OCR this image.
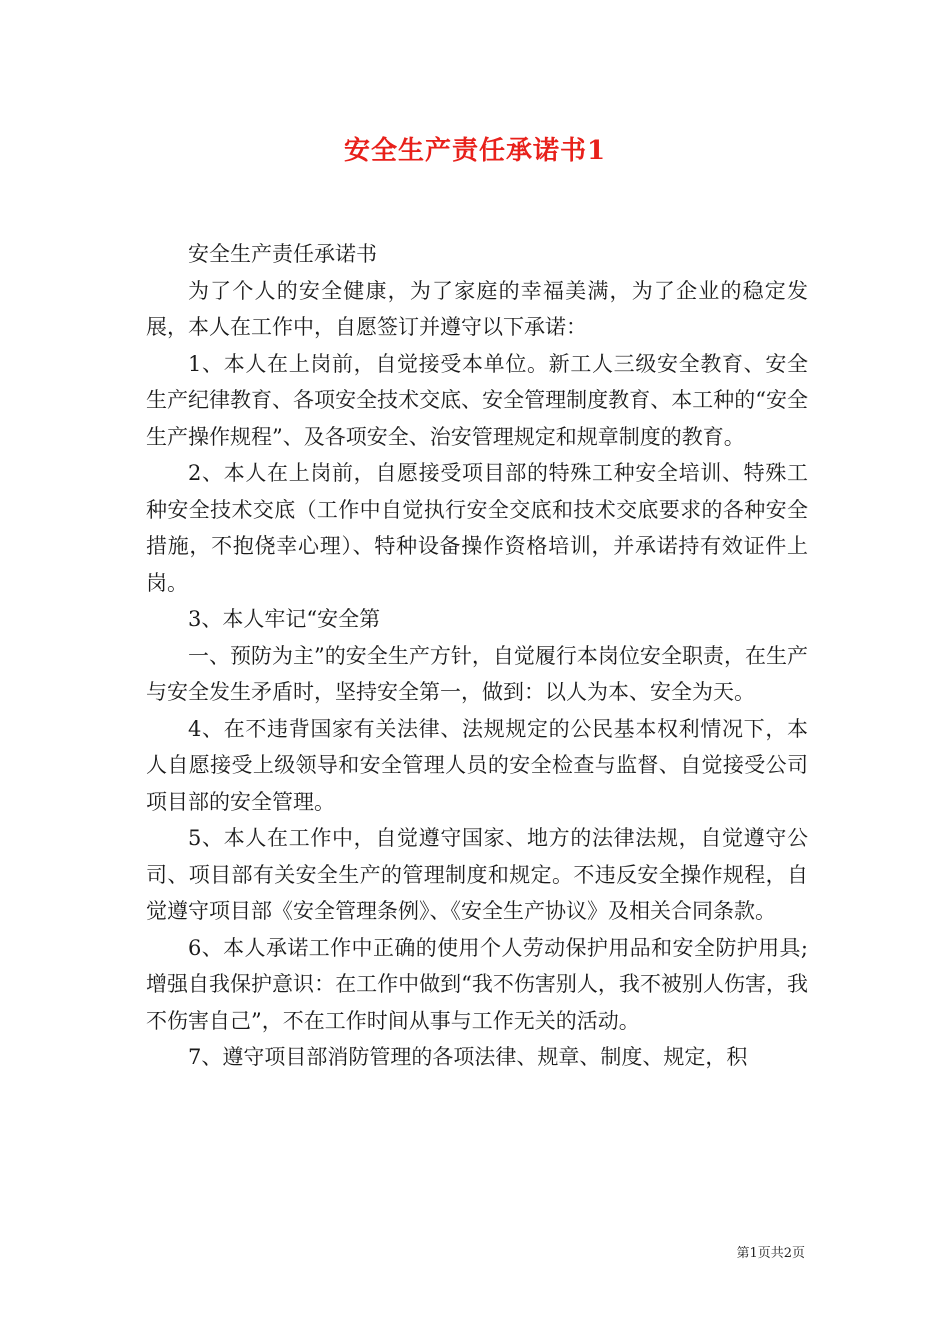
安全生产责任承诺书1

安全生产责任承诺书

为了个人的安全健康，为了家庭的幸福美满，为了企业的稳定发展，本人在工作中，自愿签订并遵守以下承诺：

1、本人在上岗前，自觉接受本单位。新工人三级安全教育、安全生产纪律教育、各项安全技术交底、安全管理制度教育、本工种的“安全生产操作规程”、及各项安全、治安管理规定和规章制度的教育。

2、本人在上岗前，自愿接受项目部的特殊工种安全培训、特殊工种安全技术交底（工作中自觉执行安全交底和技术交底要求的各种安全措施，不抱侥幸心理）、特种设备操作资格培训，并承诺持有效证件上岗。

3、本人牢记“安全第

一、预防为主”的安全生产方针，自觉履行本岗位安全职责，在生产与安全发生矛盾时，坚持安全第一，做到：以人为本、安全为天。

4、在不违背国家有关法律、法规规定的公民基本权利情况下，本人自愿接受上级领导和安全管理人员的安全检查与监督、自觉接受公司项目部的安全管理。

5、本人在工作中，自觉遵守国家、地方的法律法规，自觉遵守公司、项目部有关安全生产的管理制度和规定。不违反安全操作规程，自觉遵守项目部《安全管理条例》、《安全生产协议》及相关合同条款。

6、本人承诺工作中正确的使用个人劳动保护用品和安全防护用具;增强自我保护意识：在工作中做到“我不伤害别人，我不被别人伤害，我不伤害自己”，不在工作时间从事与工作无关的活动。

7、遵守项目部消防管理的各项法律、规章、制度、规定，积

第1页共2页
